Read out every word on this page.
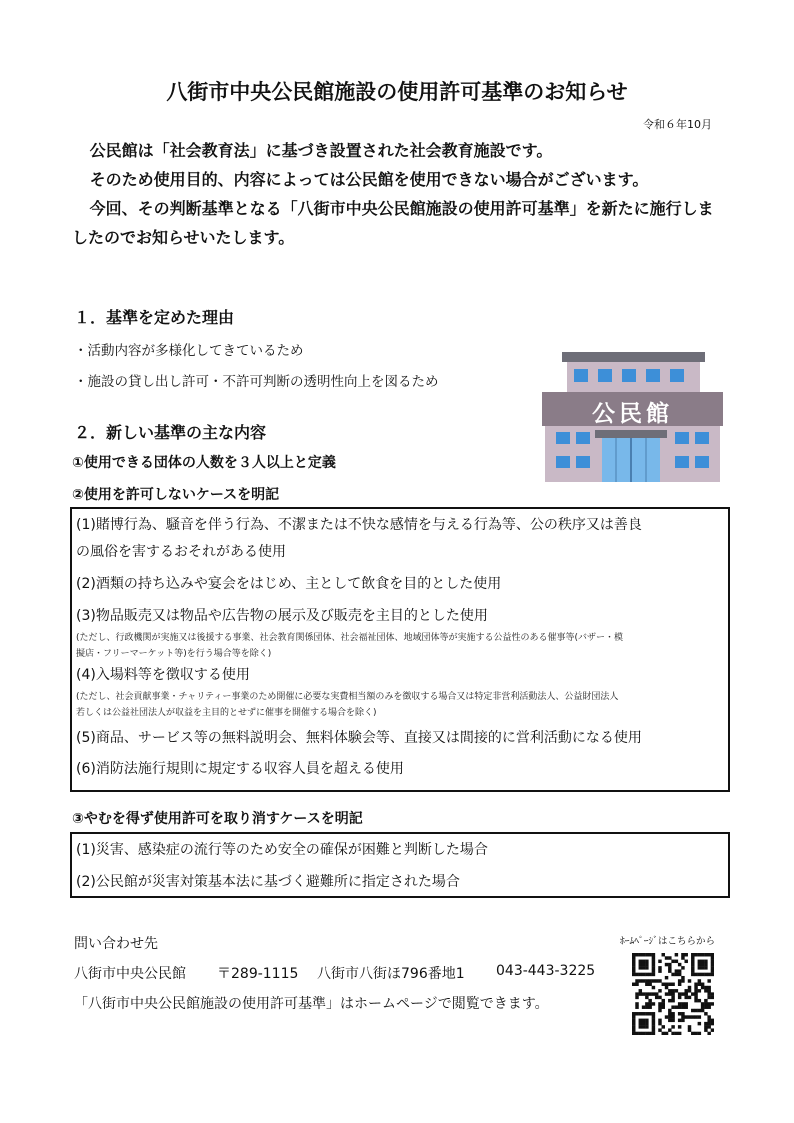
八街市中央公民館施設の使用許可基準のお知らせ
令和６年10月

公民館は「社会教育法」に基づき設置された社会教育施設です。

そのため使用目的、内容によっては公民館を使用できない場合がございます。

今回、その判断基準となる「八街市中央公民館施設の使用許可基準」を新たに施行しましたのでお知らせいたします。

１．基準を定めた理由
・活動内容が多様化してきているため
・施設の貸し出し許可・不許可判断の透明性向上を図るため
公民館
２．新しい基準の主な内容
①使用できる団体の人数を３人以上と定義
②使用を許可しないケースを明記
(1)賭博行為、騒音を伴う行為、不潔または不快な感情を与える行為等、公の秩序又は善良
の風俗を害するおそれがある使用
(2)酒類の持ち込みや宴会をはじめ、主として飲食を目的とした使用
(3)物品販売又は物品や広告物の展示及び販売を主目的とした使用
(ただし、行政機関が実施又は後援する事業、社会教育関係団体、社会福祉団体、地域団体等が実施する公益性のある催事等(バザー・模
擬店・フリーマーケット等)を行う場合等を除く)
(4)入場料等を徴収する使用
(ただし、社会貢献事業・チャリティー事業のため開催に必要な実費相当額のみを徴収する場合又は特定非営利活動法人、公益財団法人
若しくは公益社団法人が収益を主目的とせずに催事を開催する場合を除く)
(5)商品、サービス等の無料説明会、無料体験会等、直接又は間接的に営利活動になる使用
(6)消防法施行規則に規定する収容人員を超える使用
③やむを得ず使用許可を取り消すケースを明記
(1)災害、感染症の流行等のため安全の確保が困難と判断した場合
(2)公民館が災害対策基本法に基づく避難所に指定された場合
問い合わせ先
八街市中央公民館 〒289-1115 八街市八街ほ796番地1 043-443-3225
「八街市中央公民館施設の使用許可基準」はホームページで閲覧できます。
ﾎｰﾑﾍﾟｰｼﾞはこちらから
